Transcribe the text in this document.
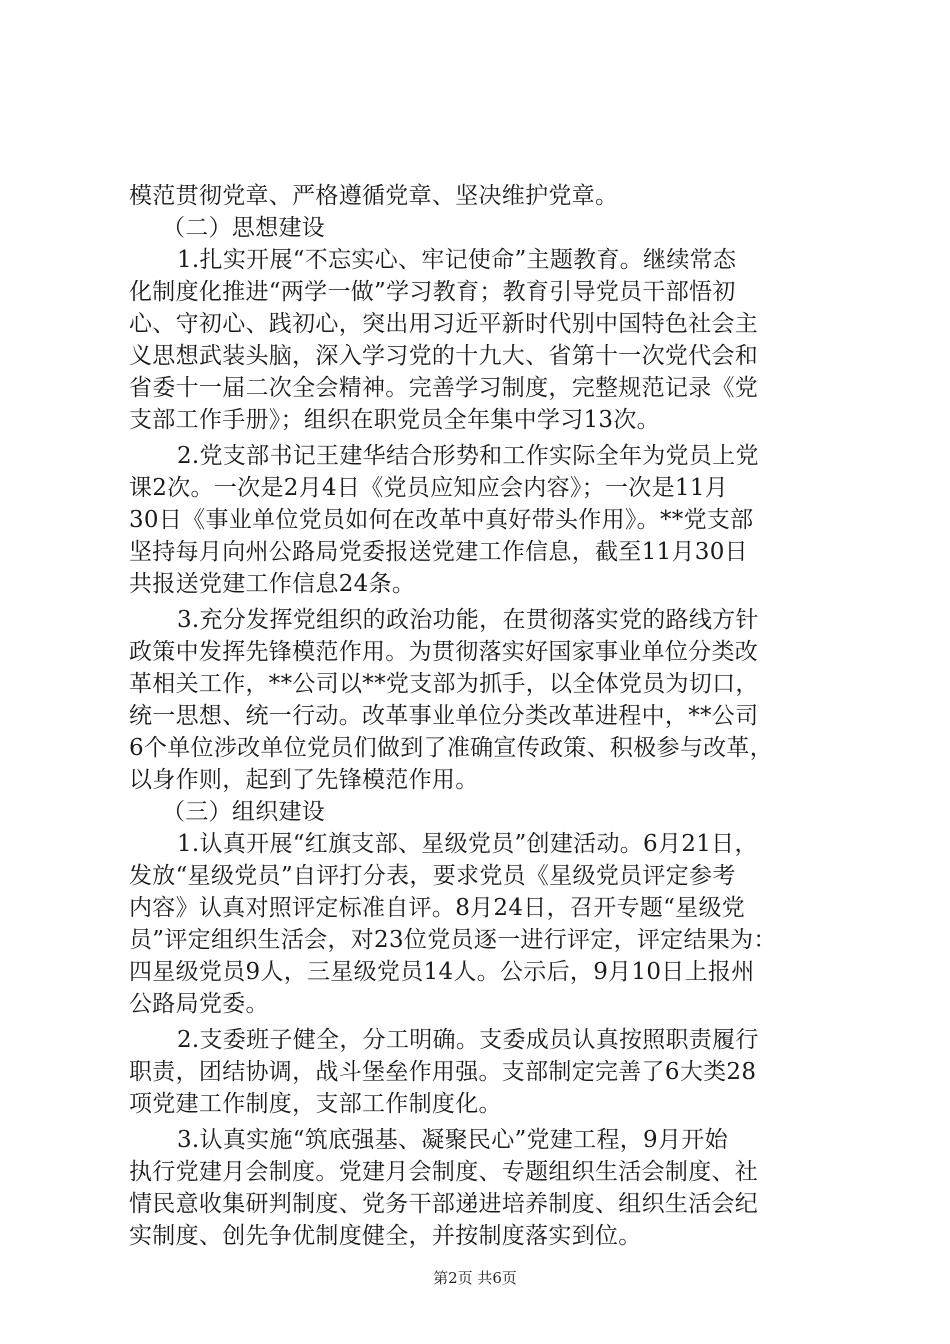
模范贯彻党章、严格遵循党章、坚决维护党章。
（二）思想建设
1.扎实开展“不忘实心、牢记使命”主题教育。继续常态
化制度化推进“两学一做”学习教育；教育引导党员干部悟初
心、守初心、践初心，突出用习近平新时代别中国特色社会主
义思想武装头脑，深入学习党的十九大、省第十一次党代会和
省委十一届二次全会精神。完善学习制度，完整规范记录《党
支部工作手册》；组织在职党员全年集中学习13次。
2.党支部书记王建华结合形势和工作实际全年为党员上党
课2次。一次是2月4日《党员应知应会内容》；一次是11月
30日《事业单位党员如何在改革中真好带头作用》。**党支部
坚持每月向州公路局党委报送党建工作信息，截至11月30日
共报送党建工作信息24条。
3.充分发挥党组织的政治功能，在贯彻落实党的路线方针
政策中发挥先锋模范作用。为贯彻落实好国家事业单位分类改
革相关工作，**公司以**党支部为抓手，以全体党员为切口，
统一思想、统一行动。改革事业单位分类改革进程中，**公司
6个单位涉改单位党员们做到了准确宣传政策、积极参与改革，
以身作则，起到了先锋模范作用。
（三）组织建设
1.认真开展“红旗支部、星级党员”创建活动。6月21日，
发放“星级党员”自评打分表，要求党员《星级党员评定参考
内容》认真对照评定标准自评。8月24日，召开专题“星级党
员”评定组织生活会，对23位党员逐一进行评定，评定结果为：
四星级党员9人，三星级党员14人。公示后，9月10日上报州
公路局党委。
2.支委班子健全，分工明确。支委成员认真按照职责履行
职责，团结协调，战斗堡垒作用强。支部制定完善了6大类28
项党建工作制度，支部工作制度化。
3.认真实施“筑底强基、凝聚民心”党建工程，9月开始
执行党建月会制度。党建月会制度、专题组织生活会制度、社
情民意收集研判制度、党务干部递进培养制度、组织生活会纪
实制度、创先争优制度健全，并按制度落实到位。
第2页 共6页
